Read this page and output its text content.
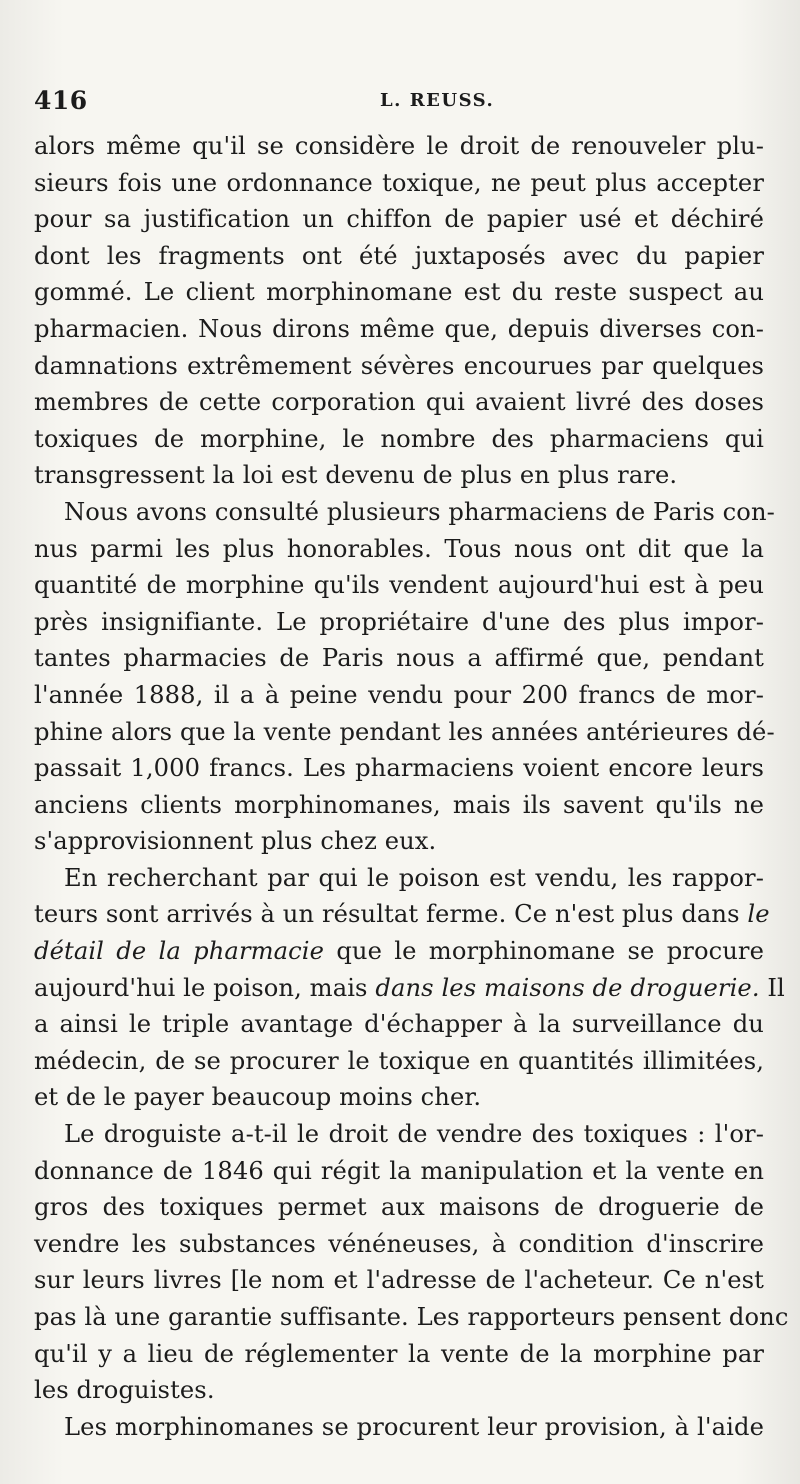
416	L. REUSS.
alors même qu'il se considère le droit de renouveler plu-
sieurs fois une ordonnance toxique, ne peut plus accepter
pour sa justification un chiffon de papier usé et déchiré
dont les fragments ont été juxtaposés avec du papier
gommé. Le client morphinomane est du reste suspect au
pharmacien. Nous dirons même que, depuis diverses con-
damnations extrêmement sévères encourues par quelques
membres de cette corporation qui avaient livré des doses
toxiques de morphine, le nombre des pharmaciens qui
transgressent la loi est devenu de plus en plus rare.
Nous avons consulté plusieurs pharmaciens de Paris con-
nus parmi les plus honorables. Tous nous ont dit que la
quantité de morphine qu'ils vendent aujourd'hui est à peu
près insignifiante. Le propriétaire d'une des plus impor-
tantes pharmacies de Paris nous a affirmé que, pendant
l'année 1888, il a à peine vendu pour 200 francs de mor-
phine alors que la vente pendant les années antérieures dé-
passait 1,000 francs. Les pharmaciens voient encore leurs
anciens clients morphinomanes, mais ils savent qu'ils ne
s'approvisionnent plus chez eux.
En recherchant par qui le poison est vendu, les rappor-
teurs sont arrivés à un résultat ferme. Ce n'est plus dans le
détail de la pharmacie que le morphinomane se procure
aujourd'hui le poison, mais dans les maisons de droguerie. Il
a ainsi le triple avantage d'échapper à la surveillance du
médecin, de se procurer le toxique en quantités illimitées,
et de le payer beaucoup moins cher.
Le droguiste a-t-il le droit de vendre des toxiques : l'or-
donnance de 1846 qui régit la manipulation et la vente en
gros des toxiques permet aux maisons de droguerie de
vendre les substances vénéneuses, à condition d'inscrire
sur leurs livres [le nom et l'adresse de l'acheteur. Ce n'est
pas là une garantie suffisante. Les rapporteurs pensent donc
qu'il y a lieu de réglementer la vente de la morphine par
les droguistes.
Les morphinomanes se procurent leur provision, à l'aide
